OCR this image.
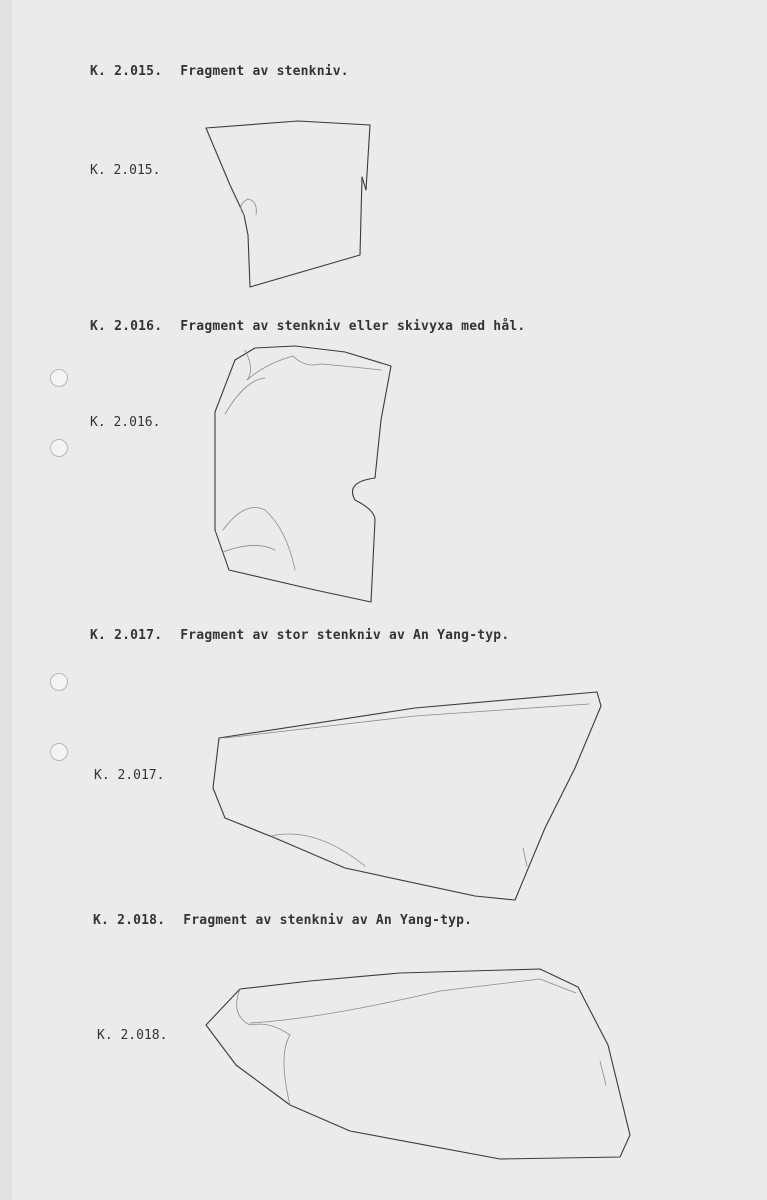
K. 2.015. Fragment av stenkniv.
K. 2.015.
K. 2.016. Fragment av stenkniv eller skivyxa med hål.
K. 2.016.
K. 2.017. Fragment av stor stenkniv av An Yang-typ.
K. 2.017.
K. 2.018. Fragment av stenkniv av An Yang-typ.
K. 2.018.
